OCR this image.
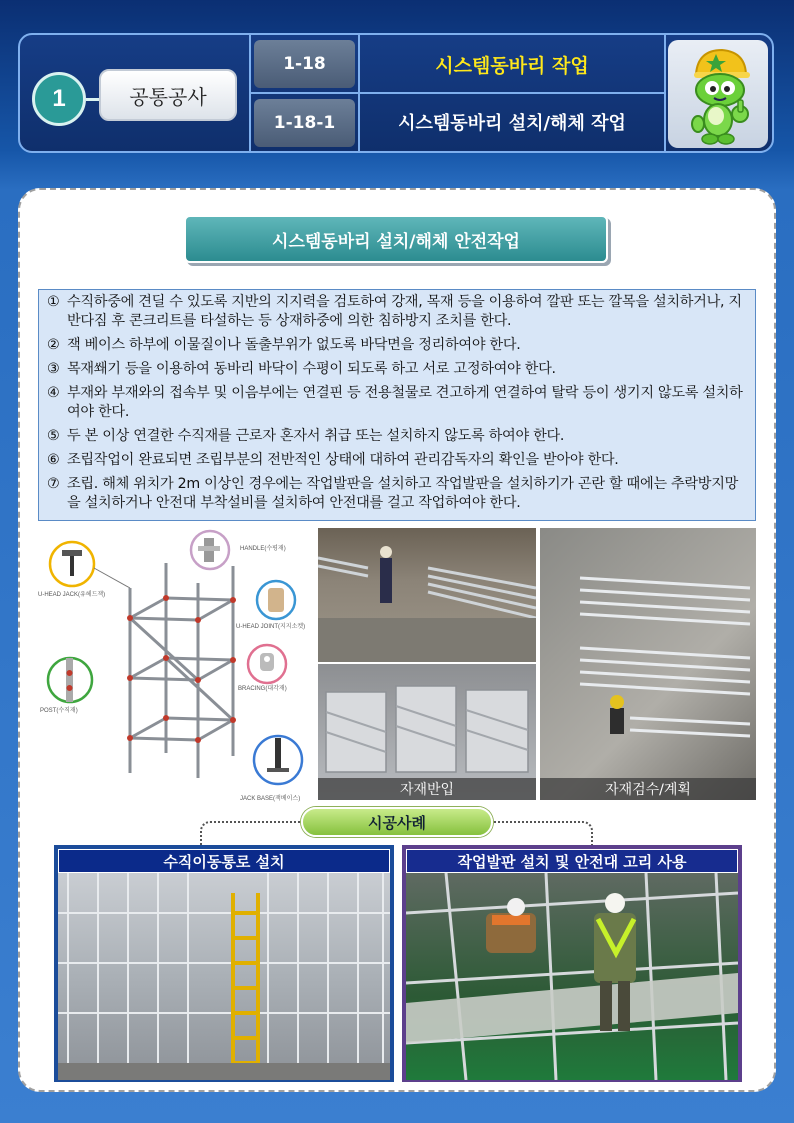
1	공통공사
1-18	시스템동바리 작업
1-18-1	시스템동바리 설치/해체 작업
시스템동바리 설치/해체 안전작업
① 수직하중에 견딜 수 있도록 지반의 지지력을 검토하여 강재, 목재 등을 이용하여 깔판 또는 깔목을 설치하거나, 지반다짐 후 콘크리트를 타설하는 등 상재하중에 의한 침하방지 조치를 한다.
② 잭 베이스 하부에 이물질이나 돌출부위가 없도록 바닥면을 정리하여야 한다.
③ 목재쐐기 등을 이용하여 동바리 바닥이 수평이 되도록 하고 서로 고정하여야 한다.
④ 부재와 부재와의 접속부 및 이음부에는 연결핀 등 전용철물로 견고하게 연결하여 탈락 등이 생기지 않도록 설치하여야 한다.
⑤ 두 본 이상 연결한 수직재를 근로자 혼자서 취급 또는 설치하지 않도록 하여야 한다.
⑥ 조립작업이 완료되면 조립부분의 전반적인 상태에 대하여 관리감독자의 확인을 받아야 한다.
⑦ 조립. 해체 위치가 2m 이상인 경우에는 작업발판을 설치하고 작업발판을 설치하기가 곤란 할 때에는 추락방지망을 설치하거나 안전대 부착설비를 설치하여 안전대를 걸고 작업하여야 한다.
U-HEAD JACK(유헤드잭)
POST(수직재)
HANDLE(수평재)
U-HEAD JOINT(지지소켓)
BRACING(대각재)
JACK BASE(잭베이스)
자재반입	자재검수/계획
시공사례
수직이동통로 설치	작업발판 설치 및 안전대 고리 사용
